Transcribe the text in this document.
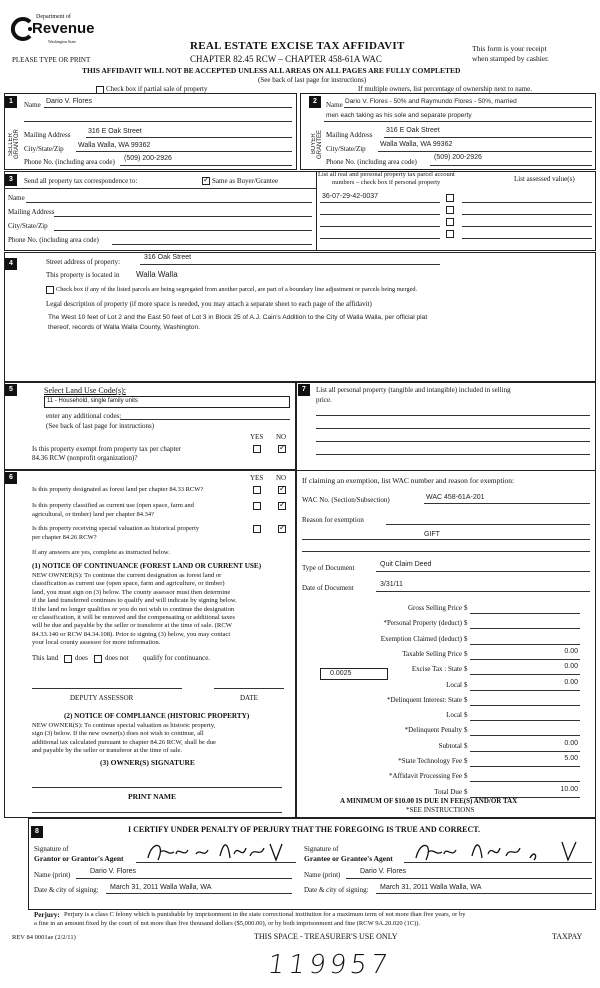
Department of
Revenue
Washington State
PLEASE TYPE OR PRINT
REAL ESTATE EXCISE TAX AFFIDAVIT
CHAPTER 82.45 RCW – CHAPTER 458-61A WAC
This form is your receipt
when stamped by cashier.
THIS AFFIDAVIT WILL NOT BE ACCEPTED UNLESS ALL AREAS ON ALL PAGES ARE FULLY COMPLETED
(See back of last page for instructions)
Check box if partial sale of property	If multiple owners, list percentage of ownership next to name.
1
SELLER GRANTOR
Name Dario V. Flores
Mailing Address	316 E Oak Street
City/State/Zip Walla Walla, WA 99362
Phone No. (including area code) (509) 200-2926
2
BUYER GRANTEE
Name Dario V. Flores - 50% and Raymundo Flores - 50%, married
men each taking as his sole and separate property
Mailing Address
316 E Oak Street
City/State/Zip
Walla Walla, WA 99362
Phone No. (including area code)
(509) 200-2926
3	Send all property tax correspondence to:
✓	Same as Buyer/Grantee
List all real and personal property tax parcel account
numbers – check box if personal property	List assessed value(s)
36-07-29-42-0037
Name
Mailing Address
City/State/Zip
Phone No. (including area code)
4	Street address of property:
316 Oak Street
This property is located in Walla Walla
Check box if any of the listed parcels are being segregated from another parcel, are part of a boundary line adjustment or parcels being merged.
Legal description of property (if more space is needed, you may attach a separate sheet to each page of the affidavit)
The West 10 feet of Lot 2 and the East 50 feet of Lot 3 in Block 25 of A.J. Cain's Addition to the City of Walla Walla, per official plat
thereof, records of Walla Walla County, Washington.
5	Select Land Use Code(s):
11 - Household, single family units
enter any additional codes:
(See back of last page for instructions)
YES NO
Is this property exempt from property tax per chapter
84.36 RCW (nonprofit organization)?
✓
6	YES NO
Is this property designated as forest land per chapter 84.33 RCW?
✓
Is this property classified as current use (open space, farm and
agricultural, or timber) land per chapter 84.34?
✓
Is this property receiving special valuation as historical property
per chapter 84.26 RCW?
✓
If any answers are yes, complete as instructed below.
(1) NOTICE OF CONTINUANCE (FOREST LAND OR CURRENT USE)
NEW OWNER(S): To continue the current designation as forest land or
classification as current use (open space, farm and agriculture, or timber)
land, you must sign on (3) below. The county assessor must then determine
if the land transferred continues to qualify and will indicate by signing below.
If the land no longer qualifies or you do not wish to continue the designation
or classification, it will be removed and the compensating or additional taxes
will be due and payable by the seller or transferor at the time of sale. (RCW
84.33.140 or RCW 84.34.108). Prior to signing (3) below, you may contact
your local county assessor for more information.
This land does does not qualify for continuance.
DEPUTY ASSESSOR	DATE
(2) NOTICE OF COMPLIANCE (HISTORIC PROPERTY)
NEW OWNER(S): To continue special valuation as historic property,
sign (3) below. If the new owner(s) does not wish to continue, all
additional tax calculated pursuant to chapter 84.26 RCW, shall be due
and payable by the seller or transferor at the time of sale.
(3) OWNER(S) SIGNATURE
PRINT NAME
7	List all personal property (tangible and intangible) included in selling
price.
If claiming an exemption, list WAC number and reason for exemption:
WAC No. (Section/Subsection)	WAC 458-61A-201
Reason for exemption
GIFT
Type of Document	Quit Claim Deed
Date of Document	3/31/11
Gross Selling Price $
*Personal Property (deduct) $
Exemption Claimed (deduct) $
Taxable Selling Price $	0.00
Excise Tax : State $	0.00
Local $	0.00
*Delinquent Interest: State $
Local $
*Delinquent Penalty $
Subtotal $	0.00
*State Technology Fee $	5.00
*Affidavit Processing Fee $
Total Due $	10.00
0.0025
A MINIMUM OF $10.00 IS DUE IN FEE(S) AND/OR TAX
*SEE INSTRUCTIONS
8	I CERTIFY UNDER PENALTY OF PERJURY THAT THE FOREGOING IS TRUE AND CORRECT.
Signature of
Grantor or Grantor's Agent
Name (print)	Dario V. Flores
Date & city of signing: March 31, 2011 Walla Walla, WA
Signature of
Grantee or Grantee's Agent
Name (print)	Dario V. Flores
Date & city of signing: March 31, 2011 Walla Walla, WA
Perjury: Perjury is a class C felony which is punishable by imprisonment in the state correctional institution for a maximum term of not more than five years, or by
a fine in an amount fixed by the court of not more than five thousand dollars ($5,000.00), or by both imprisonment and fine (RCW 9A.20.020 (1C)).
REV 84 0001ae (2/2/11)	THIS SPACE - TREASURER'S USE ONLY	TAXPAY
119957
